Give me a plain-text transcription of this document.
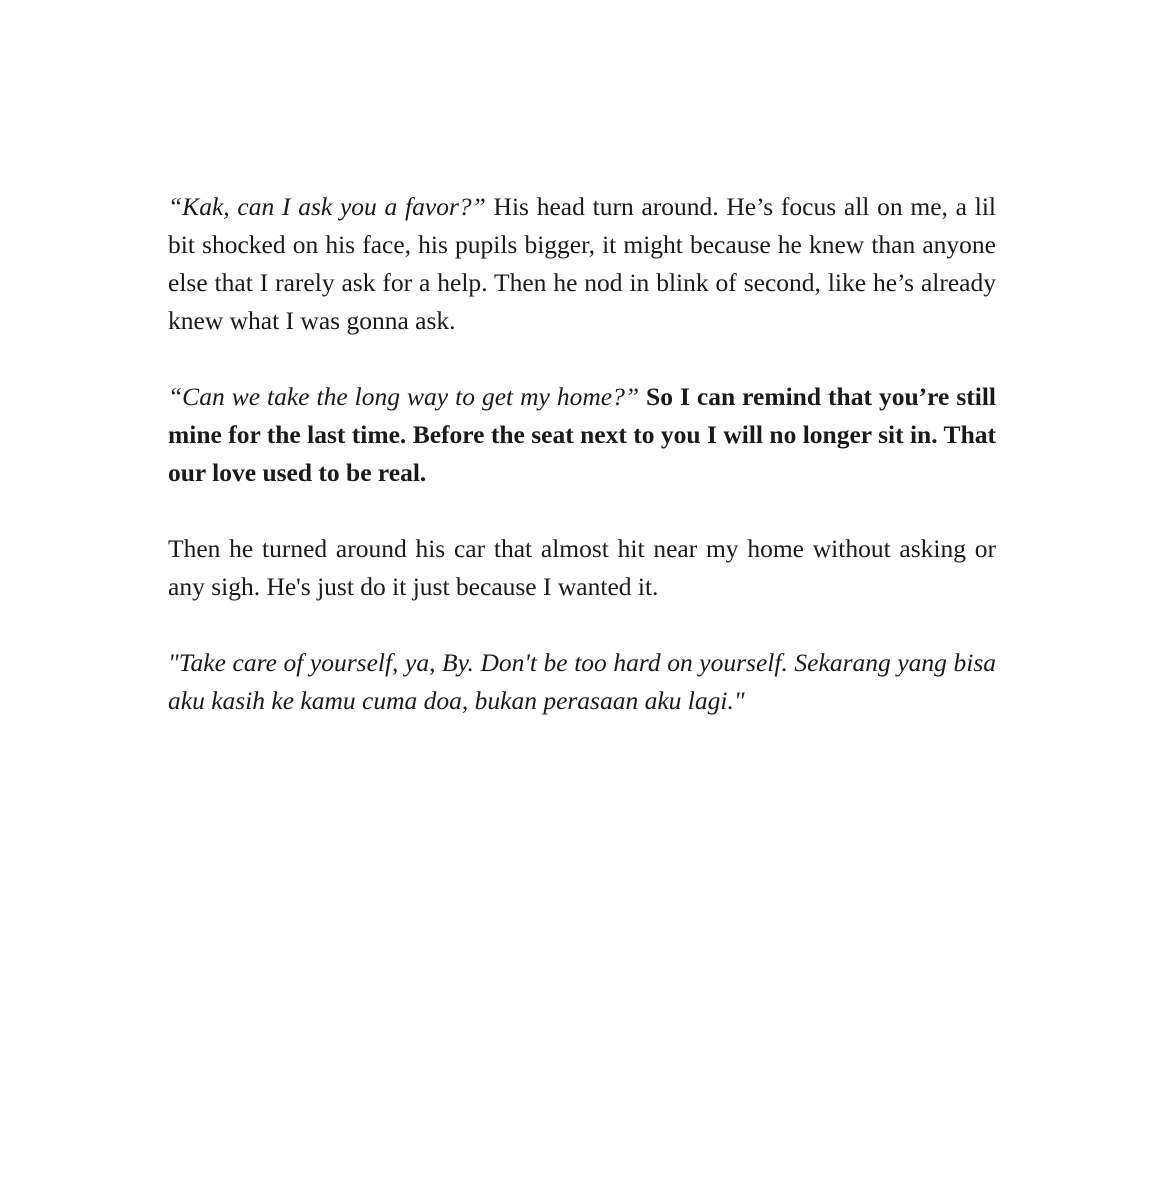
“Kak, can I ask you a favor?” His head turn around. He’s focus all on me, a lil bit shocked on his face, his pupils bigger, it might because he knew than anyone else that I rarely ask for a help. Then he nod in blink of second, like he’s already knew what I was gonna ask.

“Can we take the long way to get my home?” So I can remind that you’re still mine for the last time. Before the seat next to you I will no longer sit in. That our love used to be real.

Then he turned around his car that almost hit near my home without asking or any sigh. He's just do it just because I wanted it.

"Take care of yourself, ya, By. Don't be too hard on yourself. Sekarang yang bisa aku kasih ke kamu cuma doa, bukan perasaan aku lagi."
